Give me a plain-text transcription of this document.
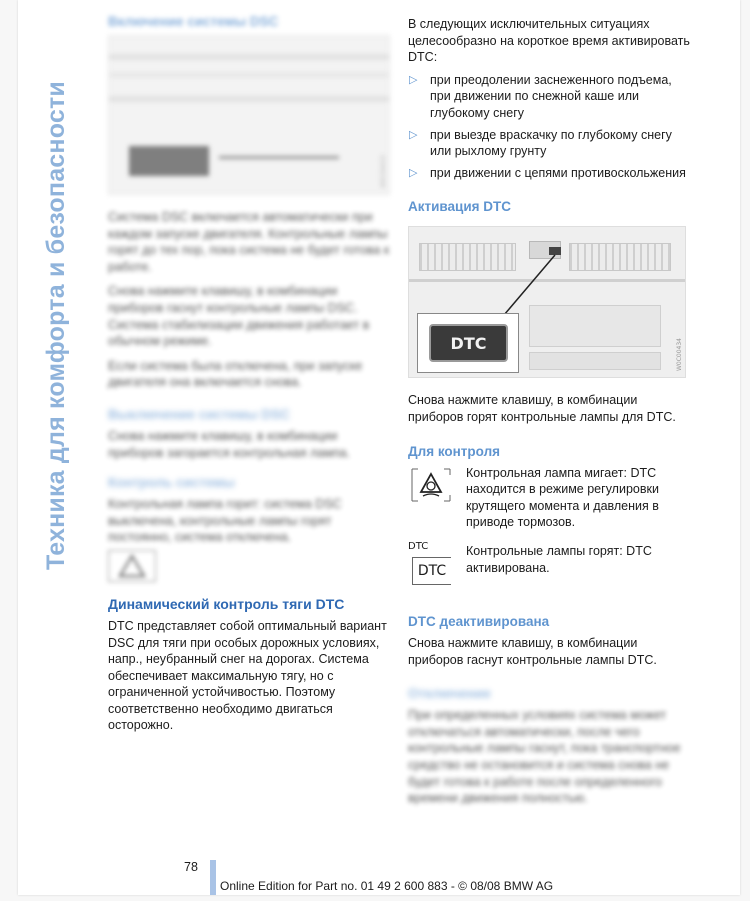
Техника для комфорта и безопасности
Включение системы DSC
W0C00433

Система DSC включается автоматически при каждом запуске двигателя. Контрольные лампы горят до тех пор, пока система не будет готова к работе.

Снова нажмите клавишу, в комбинации приборов гаснут контрольные лампы DSC. Система стабилизации движения работает в обычном режиме.

Если система была отключена, при запуске двигателя она включается снова.

Выключение системы DSC

Снова нажмите клавишу, в комбинации приборов загорается контрольная лампа.

Контроль системы

Контрольная лампа горит: система DSC выключена, контрольные лампы горят постоянно, система отключена.

Динамический контроль тяги DTC

DTC представляет собой оптимальный вариант DSC для тяги при особых дорожных условиях, напр., неубранный снег на дорогах. Система обеспечивает максимальную тягу, но с ограниченной устойчивостью. Поэтому соответственно необходимо двигаться осторожно.

В следующих исключительных ситуациях целесообразно на короткое время активировать DTC:

▷ при преодолении заснеженного подъема, при движении по снежной каше или глубокому снегу
▷ при выезде враскачку по глубокому снегу или рыхлому грунту
▷ при движении с цепями противоскольжения
Активация DTC
DTC	W0C00434

Снова нажмите клавишу, в комбинации приборов горят контрольные лампы для DTC.

Для контроля
Контрольная лампа мигает: DTC находится в режиме регулировки крутящего момента и давления в приводе тормозов.
DTC
DTC
Контрольные лампы горят: DTC активирована.
DTC деактивирована

Снова нажмите клавишу, в комбинации приборов гаснут контрольные лампы DTC.

Отключение

При определенных условиях система может отключаться автоматически, после чего контрольные лампы гаснут, пока транспортное средство не остановится и система снова не будет готова к работе после определенного времени движения полностью.

78
Online Edition for Part no. 01 49 2 600 883 - © 08/08 BMW AG
